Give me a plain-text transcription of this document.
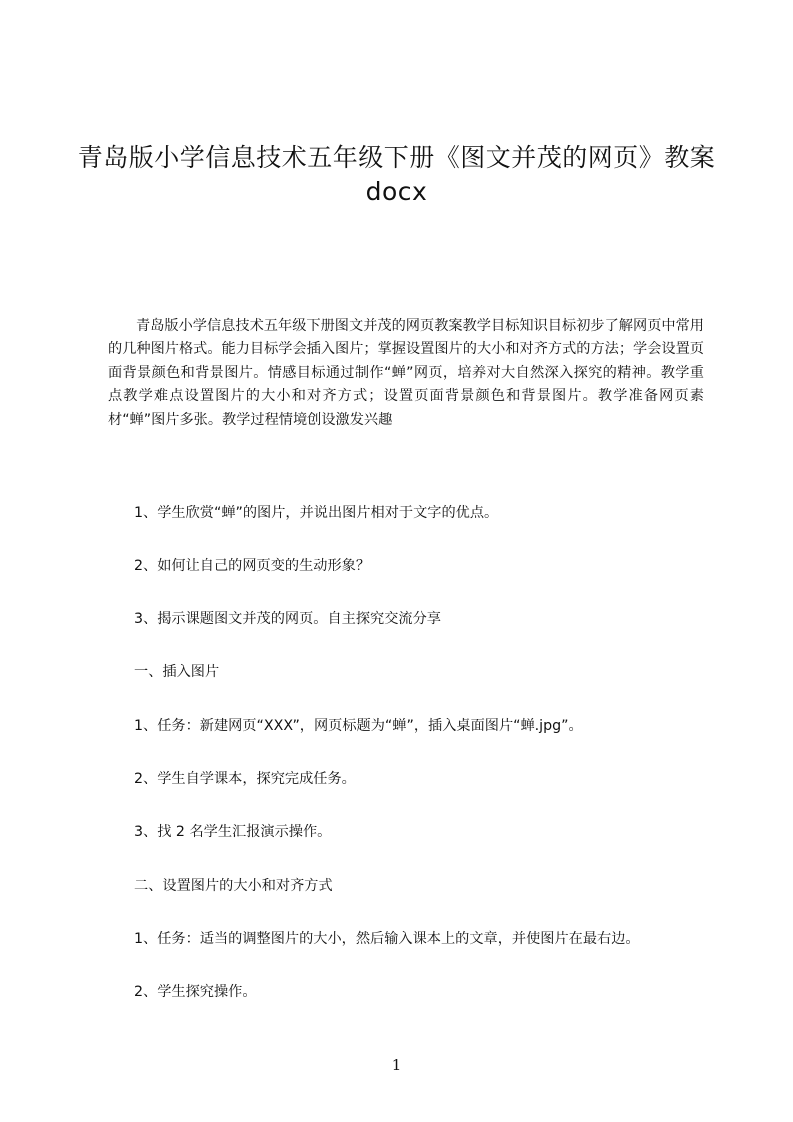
青岛版小学信息技术五年级下册《图文并茂的网页》教案
docx

青岛版小学信息技术五年级下册图文并茂的网页教案教学目标知识目标初步了解网页中常用的几种图片格式。能力目标学会插入图片；掌握设置图片的大小和对齐方式的方法；学会设置页面背景颜色和背景图片。情感目标通过制作“蝉”网页，培养对大自然深入探究的精神。教学重点教学难点设置图片的大小和对齐方式；设置页面背景颜色和背景图片。教学准备网页素材“蝉”图片多张。教学过程情境创设激发兴趣

1、学生欣赏“蝉”的图片，并说出图片相对于文字的优点。

2、如何让自己的网页变的生动形象？

3、揭示课题图文并茂的网页。自主探究交流分享

一、插入图片

1、任务：新建网页“XXX”，网页标题为“蝉”，插入桌面图片“蝉.jpg”。

2、学生自学课本，探究完成任务。

3、找 2 名学生汇报演示操作。

二、设置图片的大小和对齐方式

1、任务：适当的调整图片的大小，然后输入课本上的文章，并使图片在最右边。

2、学生探究操作。

1
